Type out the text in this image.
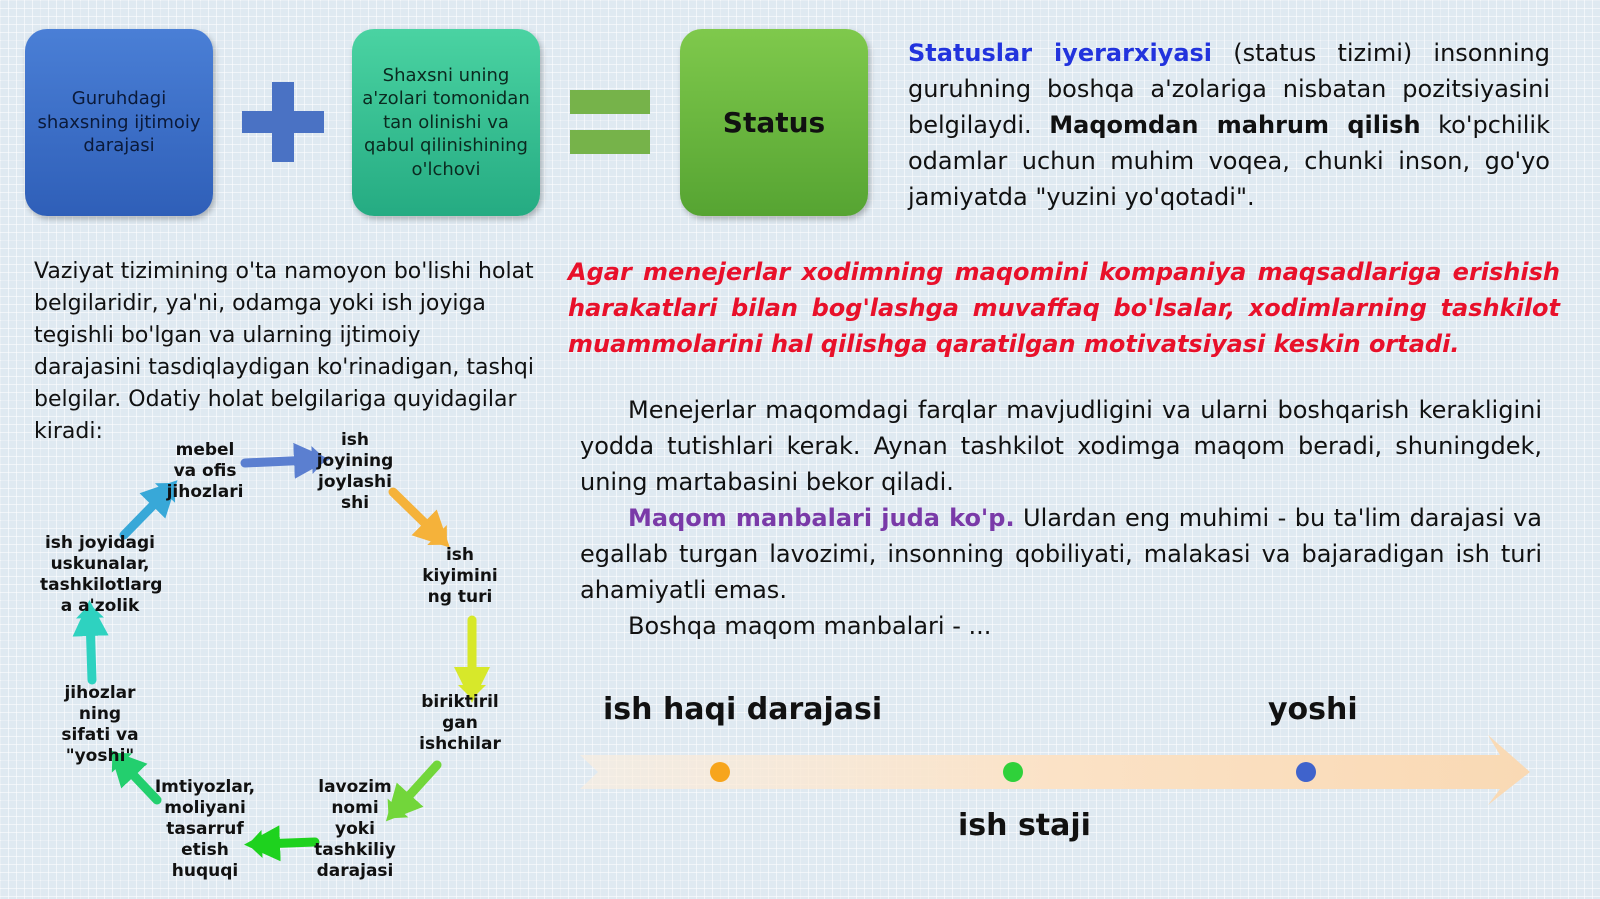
Guruhdagi shaxsning ijtimoiy darajasi
Shaxsni uning a'zolari tomonidan tan olinishi va qabul qilinishining o'lchovi
Status
Statuslar iyerarxiyasi (status tizimi) insonning guruhning boshqa a'zolariga nisbatan pozitsiyasini belgilaydi. Maqomdan mahrum qilish ko'pchilik odamlar uchun muhim voqea, chunki inson, go'yo jamiyatda "yuzini yo'qotadi".
Vaziyat tizimining o'ta namoyon bo'lishi holat belgilaridir, ya'ni, odamga yoki ish joyiga tegishli bo'lgan va ularning ijtimoiy darajasini tasdiqlaydigan ko'rinadigan, tashqi belgilar. Odatiy holat belgilariga quyidagilar kiradi:
Agar menejerlar xodimning maqomini kompaniya maqsadlariga erishish harakatlari bilan bog'lashga muvaffaq bo'lsalar, xodimlarning tashkilot muammolarini hal qilishga qaratilgan motivatsiyasi keskin ortadi.
Menejerlar maqomdagi farqlar mavjudligini va ularni boshqarish kerakligini yodda tutishlari kerak. Aynan tashkilot xodimga maqom beradi, shuningdek, uning martabasini bekor qiladi.
Maqom manbalari juda ko'p. Ulardan eng muhimi - bu ta'lim darajasi va egallab turgan lavozimi, insonning qobiliyati, malakasi va bajaradigan ish turi ahamiyatli emas.
Boshqa maqom manbalari - ...
mebel
va ofis
jihozlari
ish
joyining
joylashi
shi
ish
kiyimini
ng turi
biriktiril
gan
ishchilar
lavozim
nomi
yoki
tashkiliy
darajasi
Imtiyozlar,
moliyani
tasarruf
etish
huquqi
jihozlar
ning
sifati va
"yoshi"
ish joyidagi
uskunalar,
tashkilotlarg
a a'zolik
ish haqi darajasi
ish staji
yoshi
